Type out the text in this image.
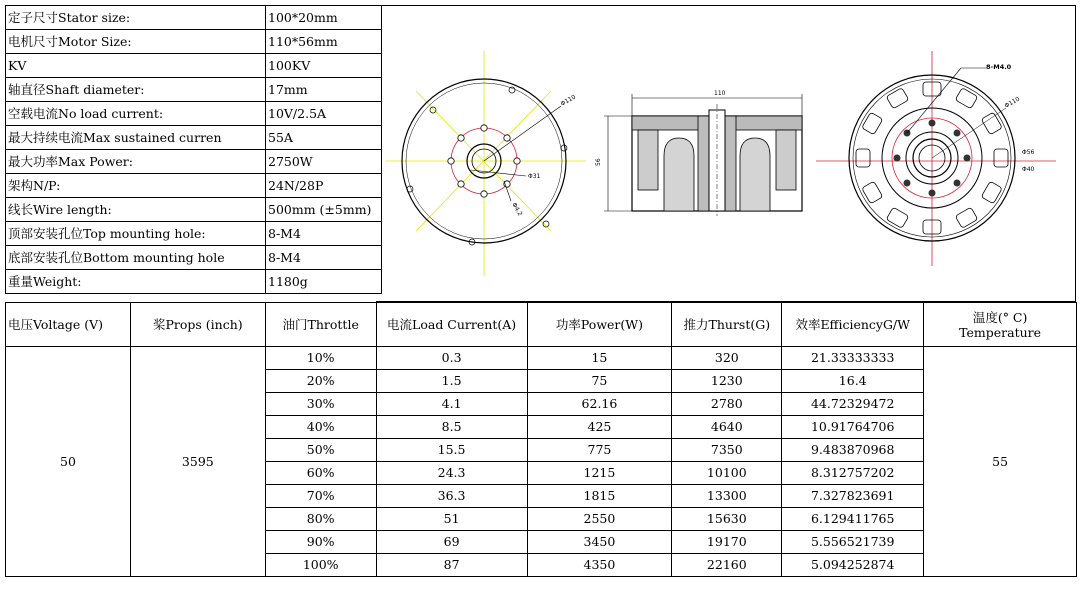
定子尺寸Stator size:	100*20mm
电机尺寸Motor Size:	110*56mm
KV	100KV
轴直径Shaft diameter:	17mm
空载电流No load current:	10V/2.5A
最大持续电流Max sustained curren	55A
最大功率Max Power:	2750W
架构N/P:	24N/28P
线长Wire length:	500mm (±5mm)
顶部安装孔位Top mounting hole:	8-M4
底部安装孔位Bottom mounting hole	8-M4
重量Weight:	1180g
Φ110
Φ31
Φ4.2
110
56
8-M4.0
Φ110
Φ56
Φ40
电压Voltage (V)	桨Props (inch)	油门Throttle	电流Load Current(A)	功率Power(W)	推力Thurst(G)	效率EfficiencyG/W	温度(° C)
Temperature
50	3595	10%	0.3	15	320	21.33333333	55
		20%	1.5	75	1230	16.4	
		30%	4.1	62.16	2780	44.72329472	
		40%	8.5	425	4640	10.91764706	
		50%	15.5	775	7350	9.483870968	
		60%	24.3	1215	10100	8.312757202	
		70%	36.3	1815	13300	7.327823691	
		80%	51	2550	15630	6.129411765	
		90%	69	3450	19170	5.556521739	
		100%	87	4350	22160	5.094252874	
